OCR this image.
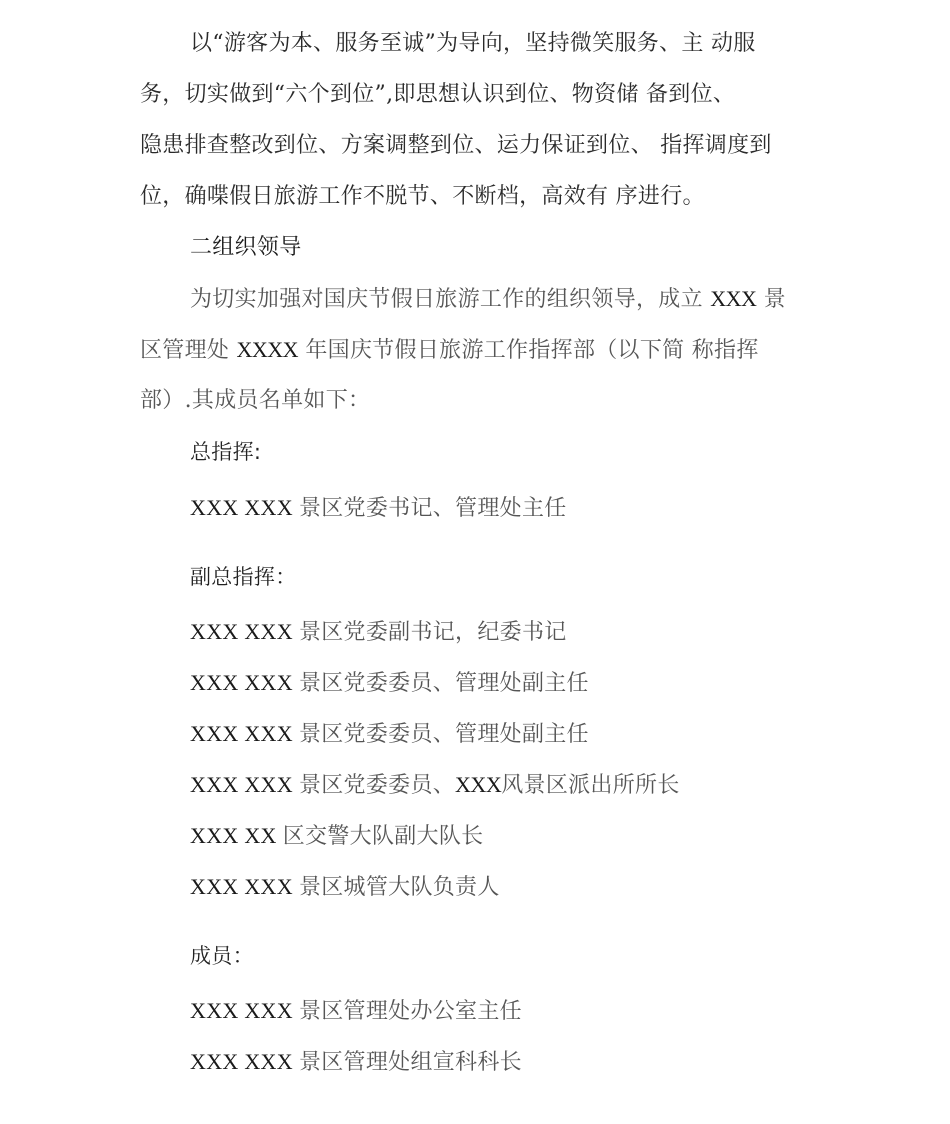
以“游客为本、服务至诚”为导向，坚持微笑服务、主 动服
务，切实做到“六个到位”,即思想认识到位、物资储 备到位、
隐患排查整改到位、方案调整到位、运力保证到位、 指挥调度到
位，确喋假日旅游工作不脱节、不断档，高效有 序进行。
二组织领导
为切实加强对国庆节假日旅游工作的组织领导，成立 XXX 景
区管理处 XXXX 年国庆节假日旅游工作指挥部（以下简 称指挥
部）.其成员名单如下：
总指挥:
XXX XXX 景区党委书记、管理处主任
副总指挥：
XXX XXX 景区党委副书记，纪委书记
XXX XXX 景区党委委员、管理处副主任
XXX XXX 景区党委委员、管理处副主任
XXX XXX 景区党委委员、XXX风景区派出所所长
XXX XX 区交警大队副大队长
XXX XXX 景区城管大队负责人
成员：
XXX XXX 景区管理处办公室主任
XXX XXX 景区管理处组宣科科长
